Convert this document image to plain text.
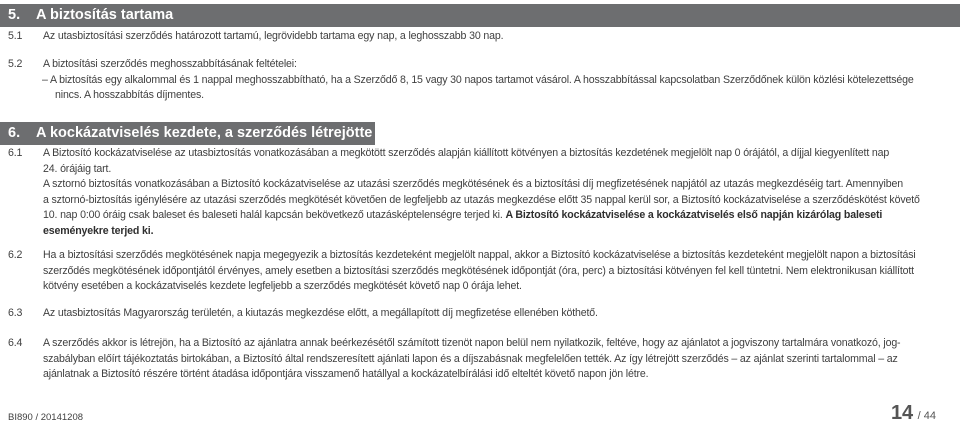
5. A biztosítás tartama
5.1	Az utasbiztosítási szerződés határozott tartamú, legrövidebb tartama egy nap, a leghosszabb 30 nap.
5.2	A biztosítási szerződés meghosszabbításának feltételei:
– A biztosítás egy alkalommal és 1 nappal meghosszabbítható, ha a Szerződő 8, 15 vagy 30 napos tartamot vásárol. A hosszabbítással kapcsolatban Szerződőnek külön közlési kötelezettsége
nincs. A hosszabbítás díjmentes.
6. A kockázatviselés kezdete, a szerződés létrejötte
6.1	A Biztosító kockázatviselése az utasbiztosítás vonatkozásában a megkötött szerződés alapján kiállított kötvényen a biztosítás kezdetének megjelölt nap 0 órájától, a díjjal kiegyenlített nap
24. órájáig tart.
A sztornó biztosítás vonatkozásában a Biztosító kockázatviselése az utazási szerződés megkötésének és a biztosítási díj megfizetésének napjától az utazás megkezdéséig tart. Amennyiben
a sztornó-biztosítás igénylésére az utazási szerződés megkötését követően de legfeljebb az utazás megkezdése előtt 35 nappal kerül sor, a Biztosító kockázatviselése a szerződéskötést követő
10. nap 0:00 óráig csak baleset és baleseti halál kapcsán bekövetkező utazásképtelenségre terjed ki. A Biztosító kockázatviselése a kockázatviselés első napján kizárólag baleseti
eseményekre terjed ki.
6.2	Ha a biztosítási szerződés megkötésének napja megegyezik a biztosítás kezdeteként megjelölt nappal, akkor a Biztosító kockázatviselése a biztosítás kezdeteként megjelölt napon a biztosítási
szerződés megkötésének időpontjától érvényes, amely esetben a biztosítási szerződés megkötésének időpontját (óra, perc) a biztosítási kötvényen fel kell tüntetni. Nem elektronikusan kiállított
kötvény esetében a kockázatviselés kezdete legfeljebb a szerződés megkötését követő nap 0 órája lehet.
6.3	Az utasbiztosítás Magyarország területén, a kiutazás megkezdése előtt, a megállapított díj megfizetése ellenében köthető.
6.4	A szerződés akkor is létrejön, ha a Biztosító az ajánlatra annak beérkezésétől számított tizenöt napon belül nem nyilatkozik, feltéve, hogy az ajánlatot a jogviszony tartalmára vonatkozó, jog-
szabályban előírt tájékoztatás birtokában, a Biztosító által rendszeresített ajánlati lapon és a díjszabásnak megfelelően tették. Az így létrejött szerződés – az ajánlat szerinti tartalommal – az
ajánlatnak a Biztosító részére történt átadása időpontjára visszamenő hatállyal a kockázatelbírálási idő elteltét követő napon jön létre.
BI890 / 20141208	14 / 44
